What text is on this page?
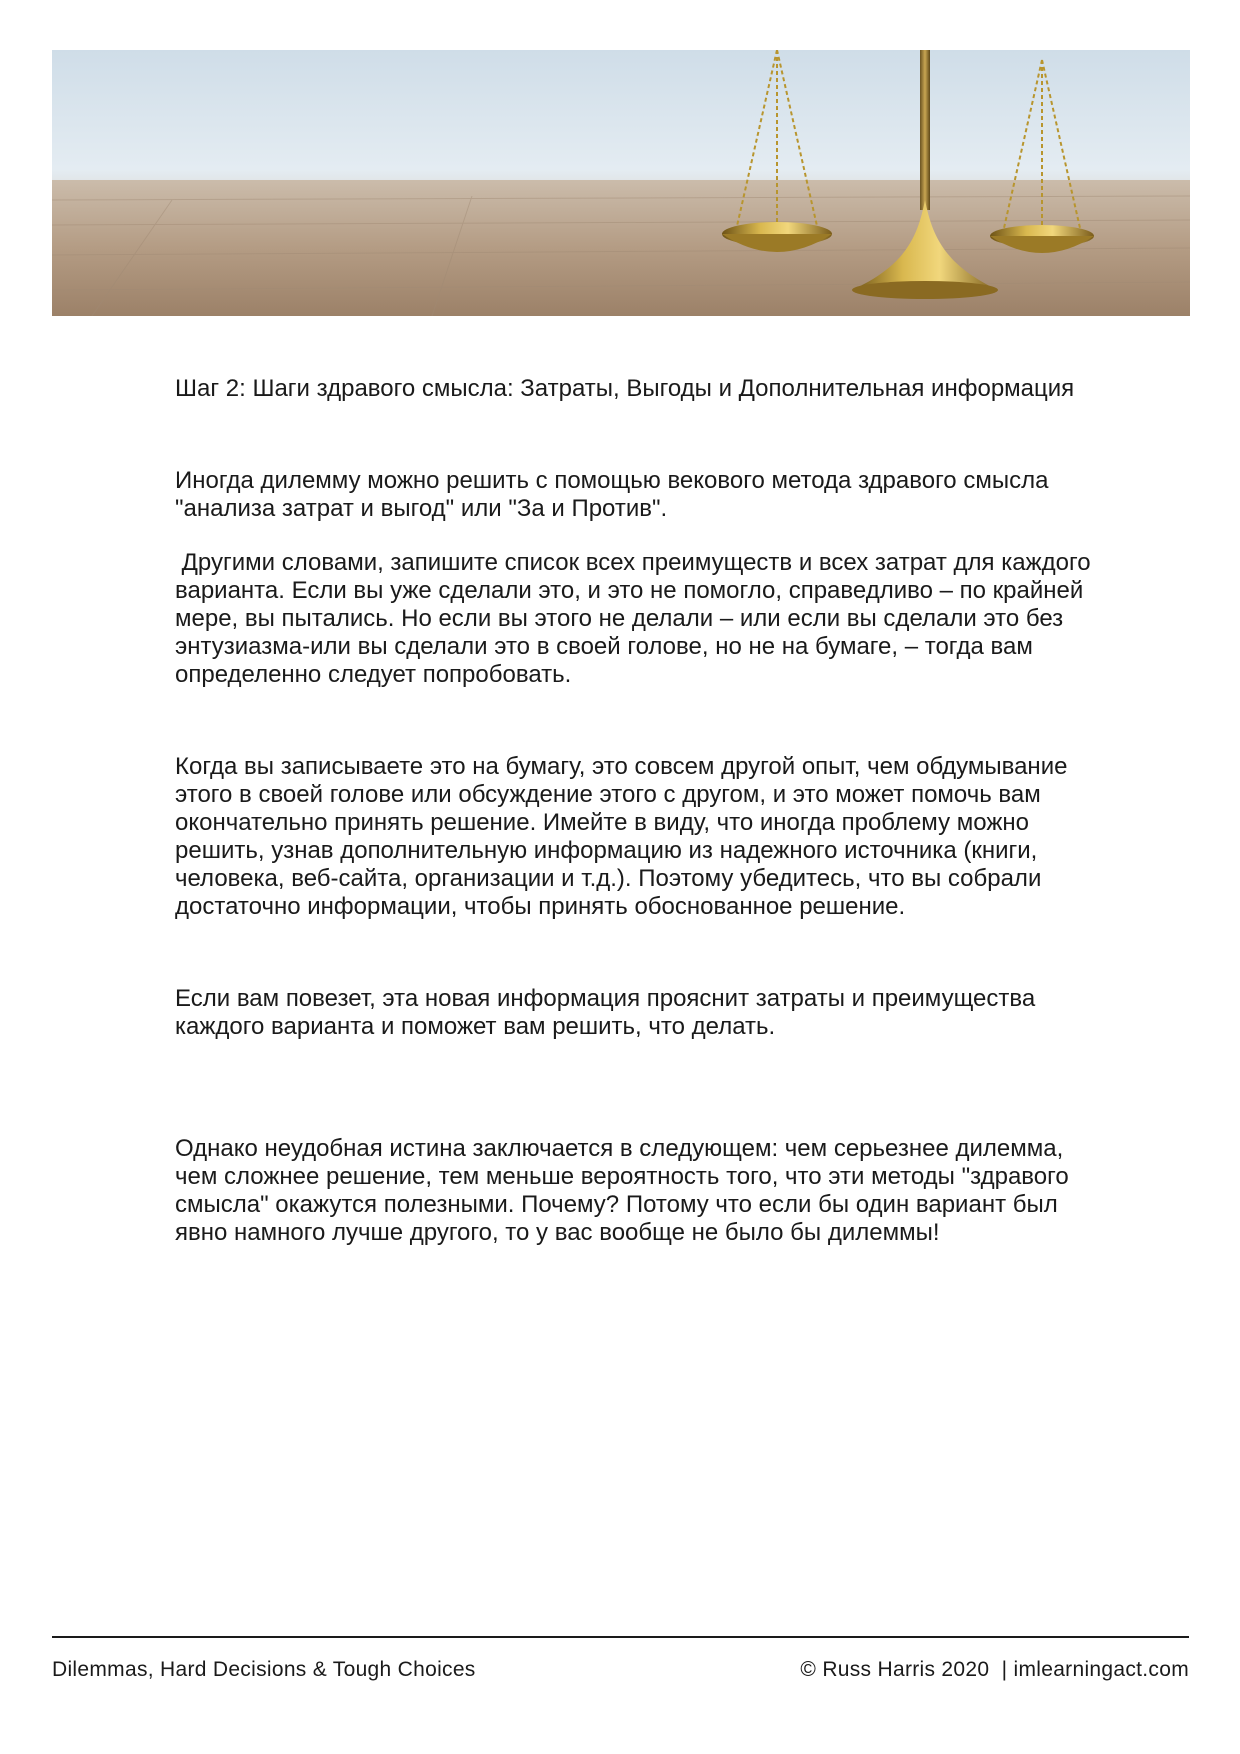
Шаг 2: Шаги здравого смысла: Затраты, Выгоды и Дополнительная информация

Иногда дилемму можно решить с помощью векового метода здравого смысла "анализа затрат и выгод" или "За и Против".

Другими словами, запишите список всех преимуществ и всех затрат для каждого варианта. Если вы уже сделали это, и это не помогло, справедливо – по крайней мере, вы пытались. Но если вы этого не делали – или если вы сделали это без энтузиазма-или вы сделали это в своей голове, но не на бумаге, – тогда вам определенно следует попробовать.

Когда вы записываете это на бумагу, это совсем другой опыт, чем обдумывание этого в своей голове или обсуждение этого с другом, и это может помочь вам окончательно принять решение. Имейте в виду, что иногда проблему можно решить, узнав дополнительную информацию из надежного источника (книги, человека, веб-сайта, организации и т.д.). Поэтому убедитесь, что вы собрали достаточно информации, чтобы принять обоснованное решение.

Если вам повезет, эта новая информация прояснит затраты и преимущества каждого варианта и поможет вам решить, что делать.

Однако неудобная истина заключается в следующем: чем серьезнее дилемма, чем сложнее решение, тем меньше вероятность того, что эти методы "здравого смысла" окажутся полезными. Почему? Потому что если бы один вариант был явно намного лучше другого, то у вас вообще не было бы дилеммы!

Dilemmas, Hard Decisions & Tough Choices	© Russ Harris 2020  | imlearningact.com
